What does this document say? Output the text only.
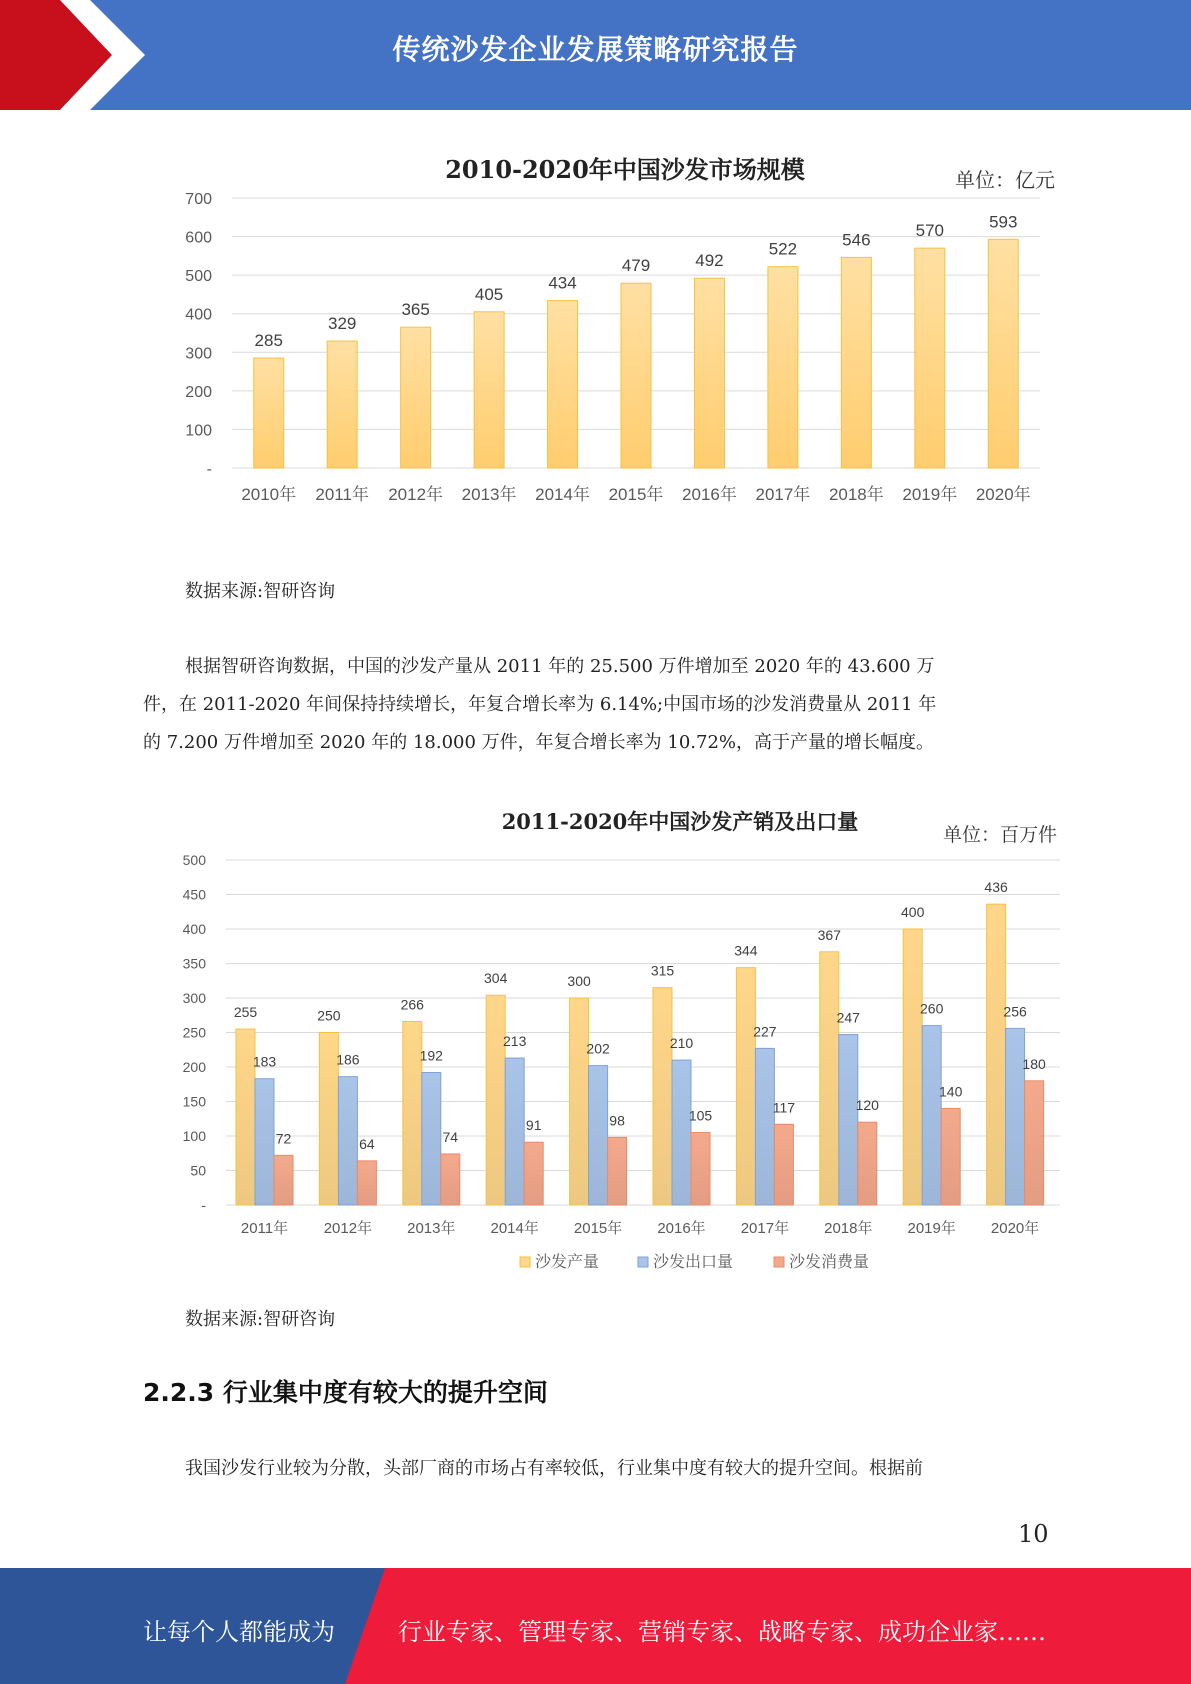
传统沙发企业发展策略研究报告
2010-2020年中国沙发市场规模	单位：亿元
-
100
200
300
400
500
600
700
285
2010年
329
2011年
365
2012年
405
2013年
434
2014年
479
2015年
492
2016年
522
2017年
546
2018年
570
2019年
593
2020年
数据来源:智研咨询
根据智研咨询数据，中国的沙发产量从 2011 年的 25.500 万件增加至 2020 年的 43.600 万
件，在 2011-2020 年间保持持续增长，年复合增长率为 6.14%;中国市场的沙发消费量从 2011 年
的 7.200 万件增加至 2020 年的 18.000 万件，年复合增长率为 10.72%，高于产量的增长幅度。
2011-2020年中国沙发产销及出口量
单位：百万件
-
50
100
150
200
250
300
350
400
450
500
255
183
72
2011年
250
186
64
2012年
266
192
74
2013年
304
213
91
2014年
300
202
98
2015年
315
210
105
2016年
344
227
117
2017年
367
247
120
2018年
400
260
140
2019年
436
256
180
2020年
沙发产量	沙发出口量	沙发消费量
数据来源:智研咨询
2.2.3 行业集中度有较大的提升空间
我国沙发行业较为分散，头部厂商的市场占有率较低，行业集中度有较大的提升空间。根据前
10
让每个人都能成为	行业专家、管理专家、营销专家、战略专家、成功企业家……
